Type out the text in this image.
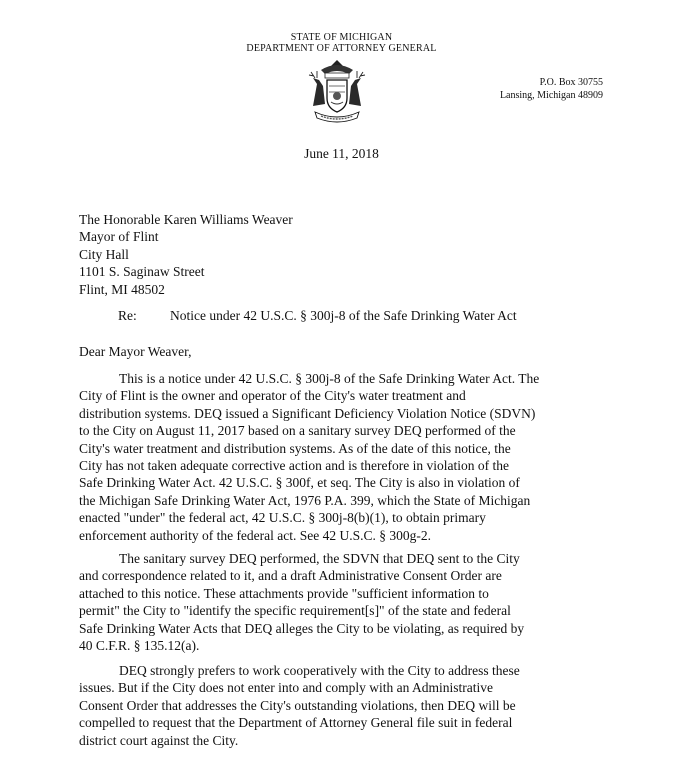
STATE OF MICHIGAN
DEPARTMENT OF ATTORNEY GENERAL
P.O. Box 30755
Lansing, Michigan 48909
June 11, 2018
The Honorable Karen Williams Weaver
Mayor of Flint
City Hall
1101 S. Saginaw Street
Flint, MI 48502
Re: Notice under 42 U.S.C. § 300j-8 of the Safe Drinking Water Act
Dear Mayor Weaver,
This is a notice under 42 U.S.C. § 300j-8 of the Safe Drinking Water Act. The
City of Flint is the owner and operator of the City's water treatment and
distribution systems. DEQ issued a Significant Deficiency Violation Notice (SDVN)
to the City on August 11, 2017 based on a sanitary survey DEQ performed of the
City's water treatment and distribution systems. As of the date of this notice, the
City has not taken adequate corrective action and is therefore in violation of the
Safe Drinking Water Act. 42 U.S.C. § 300f, et seq. The City is also in violation of
the Michigan Safe Drinking Water Act, 1976 P.A. 399, which the State of Michigan
enacted "under" the federal act, 42 U.S.C. § 300j-8(b)(1), to obtain primary
enforcement authority of the federal act. See 42 U.S.C. § 300g-2.
The sanitary survey DEQ performed, the SDVN that DEQ sent to the City
and correspondence related to it, and a draft Administrative Consent Order are
attached to this notice. These attachments provide "sufficient information to
permit" the City to "identify the specific requirement[s]" of the state and federal
Safe Drinking Water Acts that DEQ alleges the City to be violating, as required by
40 C.F.R. § 135.12(a).
DEQ strongly prefers to work cooperatively with the City to address these
issues. But if the City does not enter into and comply with an Administrative
Consent Order that addresses the City's outstanding violations, then DEQ will be
compelled to request that the Department of Attorney General file suit in federal
district court against the City.
